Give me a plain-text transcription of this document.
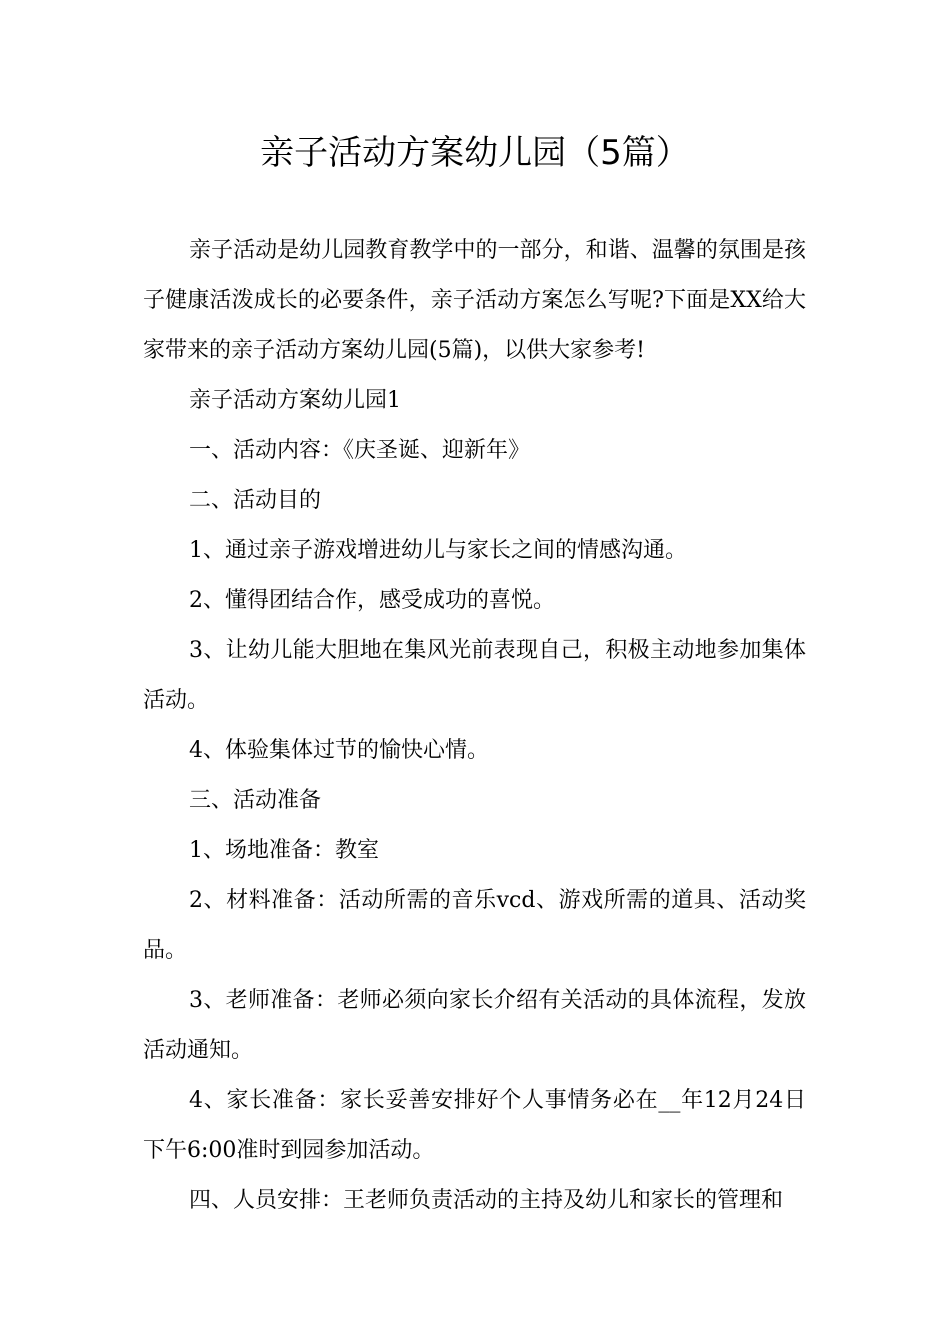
亲子活动方案幼儿园（5篇）

亲子活动是幼儿园教育教学中的一部分，和谐、温馨的氛围是孩子健康活泼成长的必要条件，亲子活动方案怎么写呢?下面是XX给大家带来的亲子活动方案幼儿园(5篇)，以供大家参考!

亲子活动方案幼儿园1

一、活动内容：《庆圣诞、迎新年》

二、活动目的

1、通过亲子游戏增进幼儿与家长之间的情感沟通。

2、懂得团结合作，感受成功的喜悦。

3、让幼儿能大胆地在集风光前表现自己，积极主动地参加集体活动。

4、体验集体过节的愉快心情。

三、活动准备

1、场地准备：教室

2、材料准备：活动所需的音乐vcd、游戏所需的道具、活动奖品。

3、老师准备：老师必须向家长介绍有关活动的具体流程，发放活动通知。

4、家长准备：家长妥善安排好个人事情务必在__年12月24日下午6:00准时到园参加活动。

四、人员安排：王老师负责活动的主持及幼儿和家长的管理和
